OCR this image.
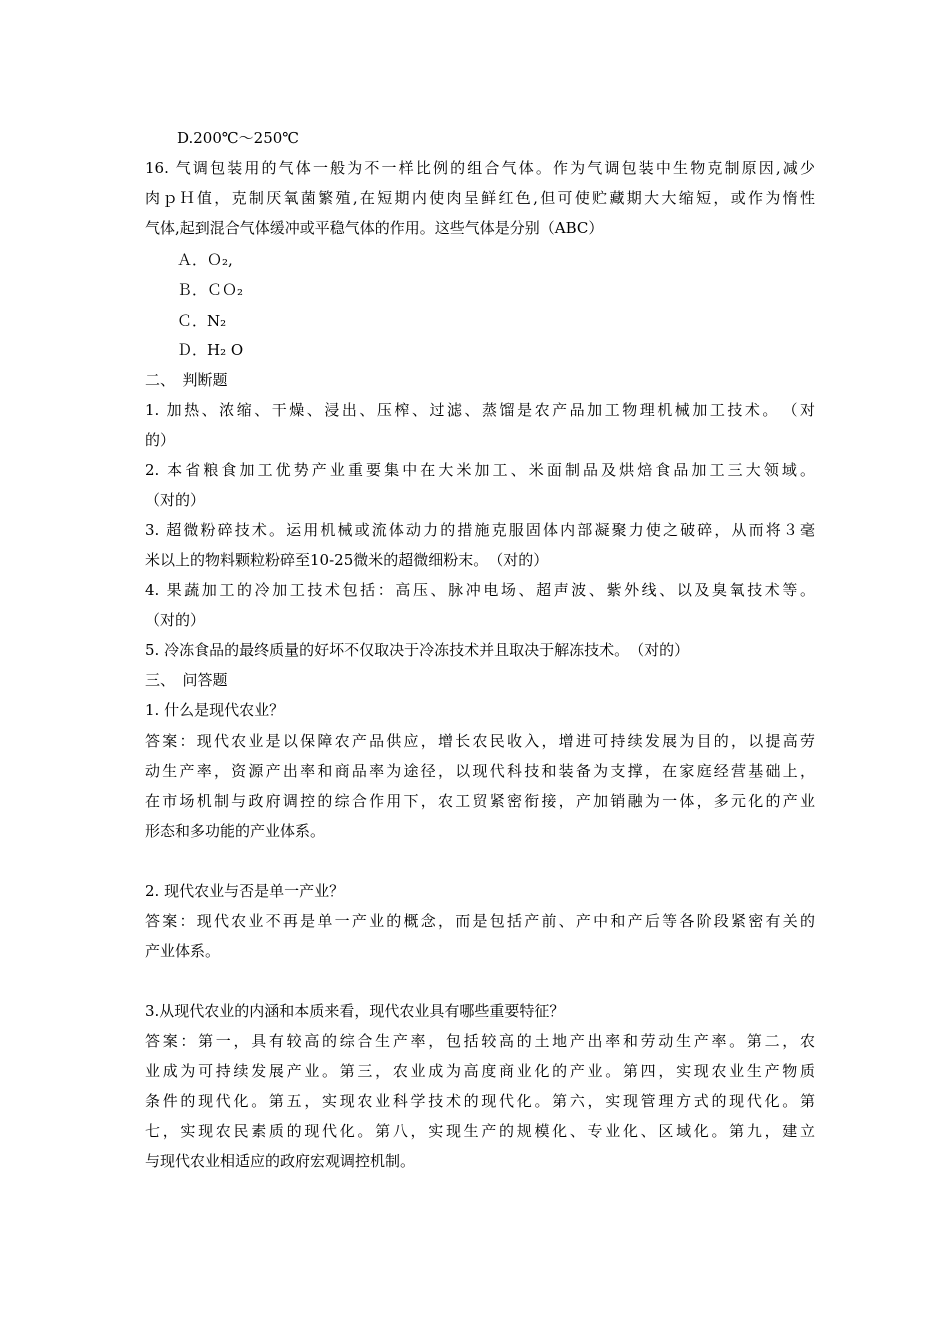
D.200℃～250℃
16. 气调包装用的气体一般为不一样比例的组合气体。作为气调包装中生物克制原因,减少
肉ｐＨ值，克制厌氧菌繁殖,在短期内使肉呈鲜红色,但可使贮藏期大大缩短，或作为惰性
气体,起到混合气体缓冲或平稳气体的作用。这些气体是分别（ABC）
Ａ．Ｏ₂,
Ｂ．ＣＯ₂
Ｃ．N₂
Ｄ．H₂ O
二、　判断题
1. 加热、浓缩、干燥、浸出、压榨、过滤、蒸馏是农产品加工物理机械加工技术。　（对
的）
2. 本省粮食加工优势产业重要集中在大米加工、米面制品及烘焙食品加工三大领域。
（对的）
3. 超微粉碎技术。运用机械或流体动力的措施克服固体内部凝聚力使之破碎，从而将３毫
米以上的物料颗粒粉碎至10-25微米的超微细粉末。　（对的）
4. 果蔬加工的冷加工技术包括：高压、脉冲电场、超声波、紫外线、以及臭氧技术等。
（对的）
5. 冷冻食品的最终质量的好坏不仅取决于冷冻技术并且取决于解冻技术。　（对的）
三、　问答题
1. 什么是现代农业？
答案：现代农业是以保障农产品供应，增长农民收入，增进可持续发展为目的，以提高劳
动生产率，资源产出率和商品率为途径，以现代科技和装备为支撑，在家庭经营基础上，
在市场机制与政府调控的综合作用下，农工贸紧密衔接，产加销融为一体，多元化的产业
形态和多功能的产业体系。
2. 现代农业与否是单一产业？
答案：现代农业不再是单一产业的概念，而是包括产前、产中和产后等各阶段紧密有关的
产业体系。
3.从现代农业的内涵和本质来看，现代农业具有哪些重要特征？
答案：第一，具有较高的综合生产率，包括较高的土地产出率和劳动生产率。第二，农
业成为可持续发展产业。第三，农业成为高度商业化的产业。第四，实现农业生产物质
条件的现代化。第五，实现农业科学技术的现代化。第六，实现管理方式的现代化。第
七，实现农民素质的现代化。第八，实现生产的规模化、专业化、区域化。第九，建立
与现代农业相适应的政府宏观调控机制。
